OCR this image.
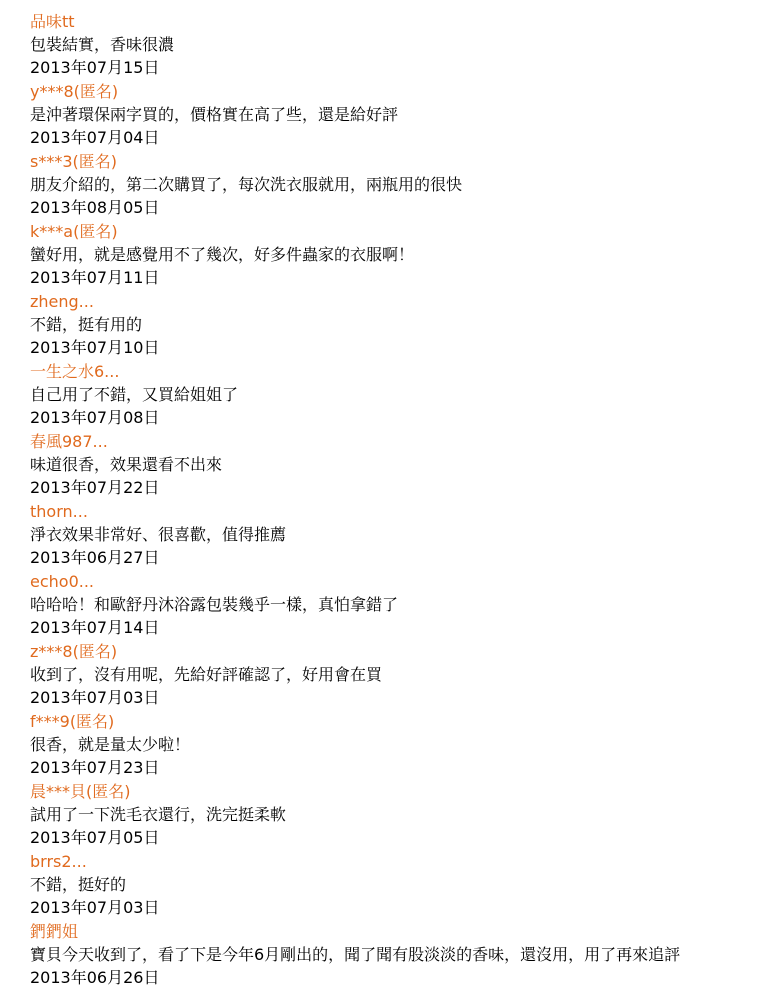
品味tt
包裝結實，香味很濃
2013年07月15日
y***8(匿名)
是沖著環保兩字買的，價格實在高了些，還是給好評
2013年07月04日
s***3(匿名)
朋友介紹的，第二次購買了，每次洗衣服就用，兩瓶用的很快
2013年08月05日
k***a(匿名)
蠻好用，就是感覺用不了幾次，好多件蟲家的衣服啊！
2013年07月11日
zheng...
不錯，挺有用的
2013年07月10日
一生之水6...
自己用了不錯，又買給姐姐了
2013年07月08日
春風987...
味道很香，效果還看不出來
2013年07月22日
thorn...
淨衣效果非常好、很喜歡，值得推薦
2013年06月27日
echo0...
哈哈哈！和歐舒丹沐浴露包裝幾乎一樣，真怕拿錯了
2013年07月14日
z***8(匿名)
收到了，沒有用呢，先給好評確認了，好用會在買
2013年07月03日
f***9(匿名)
很香，就是量太少啦！
2013年07月23日
晨***貝(匿名)
試用了一下洗毛衣還行，洗完挺柔軟
2013年07月05日
brrs2...
不錯，挺好的
2013年07月03日
鍆鍆姐
寶貝今天收到了，看了下是今年6月剛出的，聞了聞有股淡淡的香味，還沒用，用了再來追評
2013年06月26日
